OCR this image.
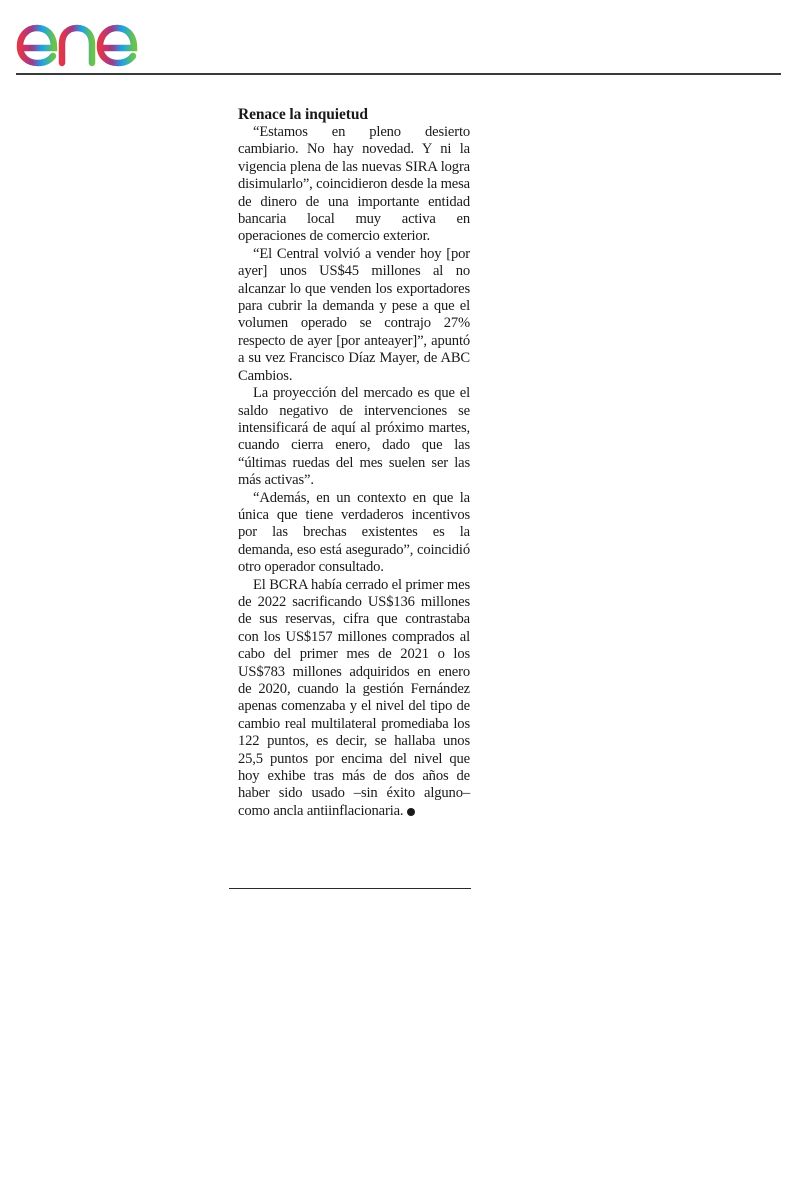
Renace la inquietud

“Estamos en pleno desierto cambiario. No hay novedad. Y ni la vigencia plena de las nuevas SIRA logra disimularlo”, coincidieron desde la mesa de dinero de una importante entidad bancaria local muy activa en operaciones de comercio exterior.

“El Central volvió a vender hoy [por ayer] unos US$45 millones al no alcanzar lo que venden los exportadores para cubrir la demanda y pese a que el volumen operado se contrajo 27% respecto de ayer [por anteayer]”, apuntó a su vez Francisco Díaz Mayer, de ABC Cambios.

La proyección del mercado es que el saldo negativo de intervenciones se intensificará de aquí al próximo martes, cuando cierra enero, dado que las “últimas ruedas del mes suelen ser las más activas”.

“Además, en un contexto en que la única que tiene verdaderos incentivos por las brechas existentes es la demanda, eso está asegurado”, coincidió otro operador consultado.

El BCRA había cerrado el primer mes de 2022 sacrificando US$136 millones de sus reservas, cifra que contrastaba con los US$157 millones comprados al cabo del primer mes de 2021 o los US$783 millones adquiridos en enero de 2020, cuando la gestión Fernández apenas comenzaba y el nivel del tipo de cambio real multilateral promediaba los 122 puntos, es decir, se hallaba unos 25,5 puntos por encima del nivel que hoy exhibe tras más de dos años de haber sido usado –sin éxito alguno– como ancla antiinflacionaria.
